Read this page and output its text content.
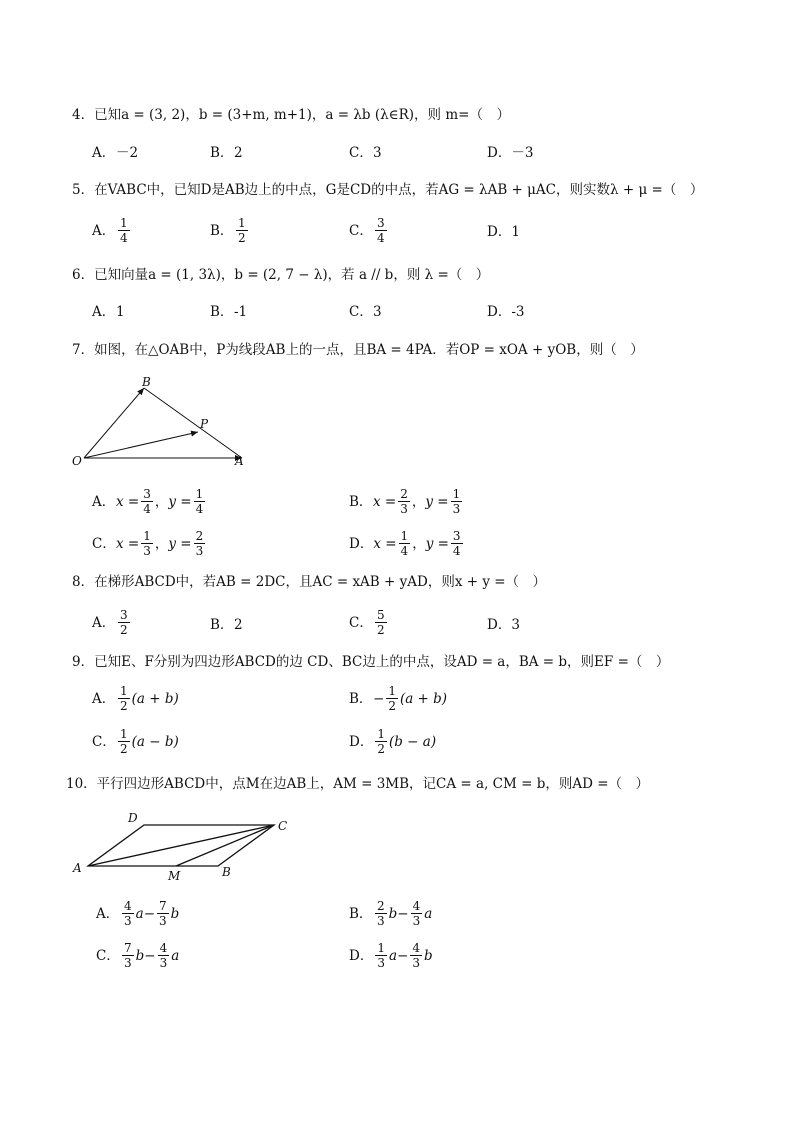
4．已知a = (3, 2)，b = (3+m, m+1)，a = λb (λ∈R)，则 m=（　）
A． －2	B． 2	C． 3	D． －3
5．在VABC中，已知D是AB边上的中点，G是CD的中点，若AG = λAB + μAC，则实数λ + μ =（　）
A． $\frac{1}{4}$	B． $\frac{1}{2}$	C． $\frac{3}{4}$	D． 1
6．已知向量a = (1, 3λ)，b = (2, 7 − λ)，若 a // b，则 λ =（　）
A． 1	B． -1	C． 3	D． -3
7．如图，在△OAB中，P为线段AB上的一点，且BA = 4PA．若OP = xOA + yOB，则（　）
B
P
O	A
A． $x = \frac{3}{4}$ ， $y = \frac{1}{4}$	B． $x = \frac{2}{3}$ ， $y = \frac{1}{3}$
C． $x = \frac{1}{3}$ ， $y = \frac{2}{3}$	D． $x = \frac{1}{4}$ ， $y = \frac{3}{4}$
8．在梯形ABCD中，若AB = 2DC，且AC = xAB + yAD，则x + y =（　）
A． $\frac{3}{2}$	B． 2	C． $\frac{5}{2}$	D． 3
9．已知E、F分别为四边形ABCD的边 CD、BC边上的中点，设AD = a，BA = b，则EF =（　）
A． $\frac{1}{2} (a + b)$	B． − $\frac{1}{2} (a + b)$
C． $\frac{1}{2} (a - b)$	D． $\frac{1}{2} (b - a)$
10．平行四边形ABCD中，点M在边AB上，AM = 3MB，记CA = a, CM = b，则AD =（　）
D
C
A
M	B
A． $\frac{4}{3}$ $a - \frac{7}{3}$ b	B． $\frac{2}{3}$ $b - \frac{4}{3}$ a
C． $\frac{7}{3}$ $b - \frac{4}{3}$ a	D． $\frac{1}{3}$ $a - \frac{4}{3}$ b
